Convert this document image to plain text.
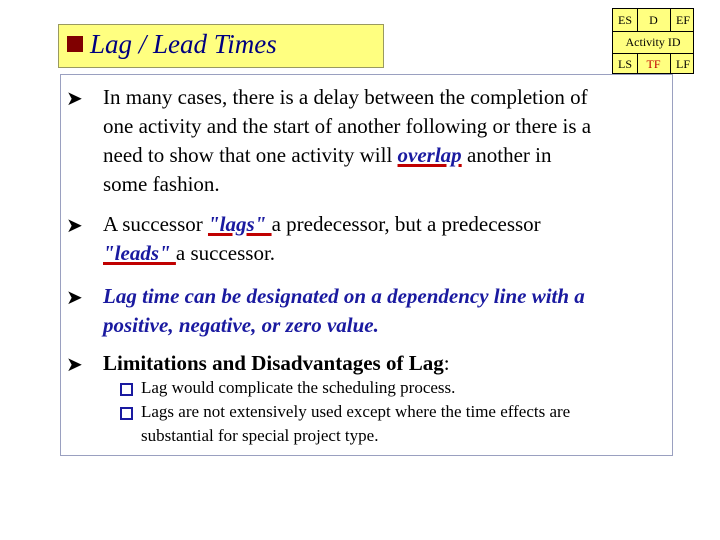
Lag / Lead Times
ES	D	EF
Activity ID
LS	TF	LF
➤ In many cases, there is a delay between the completion of
one activity and the start of another following or there is a
need to show that one activity will overlap another in
some fashion.
➤ A successor "lags" a predecessor, but a predecessor
"leads" a successor.
➤ Lag time can be designated on a dependency line with a
positive, negative, or zero value.
➤ Limitations and Disadvantages of Lag:
Lag would complicate the scheduling process.
Lags are not extensively used except where the time effects are
substantial for special project type.
